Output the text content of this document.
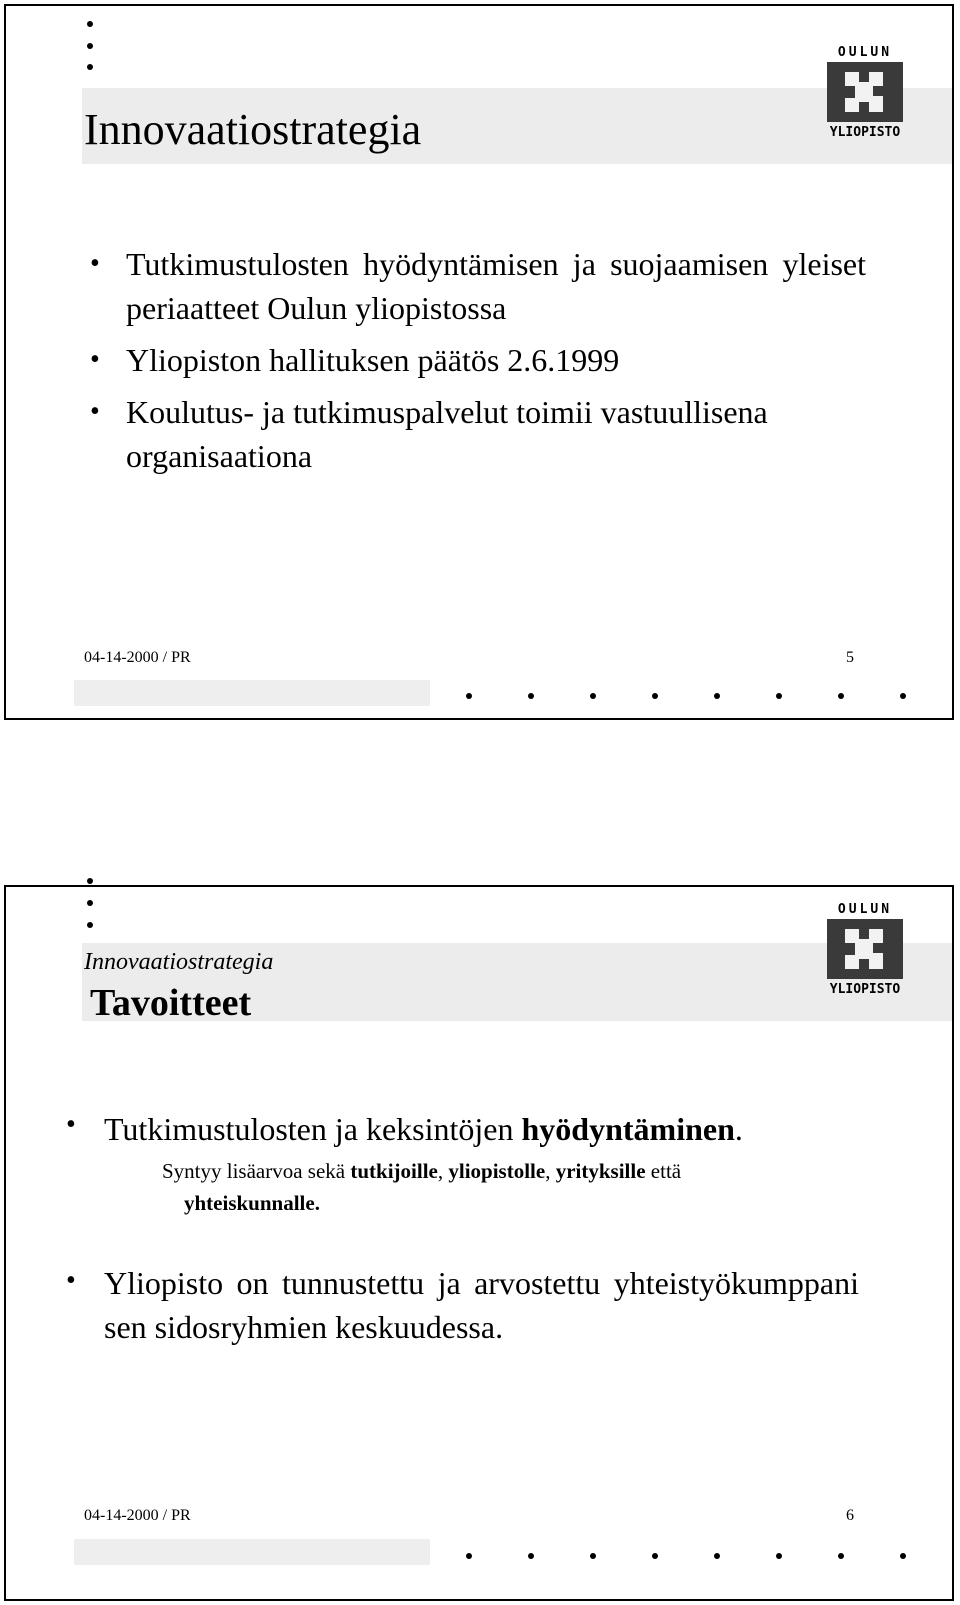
Innovaatiostrategia
OULUN
YLIOPISTO
• Tutkimustulosten hyödyntämisen ja suojaamisen yleiset periaatteet Oulun yliopistossa
• Yliopiston hallituksen päätös 2.6.1999
• Koulutus- ja tutkimuspalvelut toimii vastuullisena organisaationa
04-14-2000 / PR	5
Innovaatiostrategia
Tavoitteet
OULUN
YLIOPISTO
• Tutkimustulosten ja keksintöjen hyödyntäminen.
Syntyy lisäarvoa sekä tutkijoille, yliopistolle, yrityksille että
yhteiskunnalle.
• Yliopisto on tunnustettu ja arvostettu yhteistyökumppani sen sidosryhmien keskuudessa.
04-14-2000 / PR	6
